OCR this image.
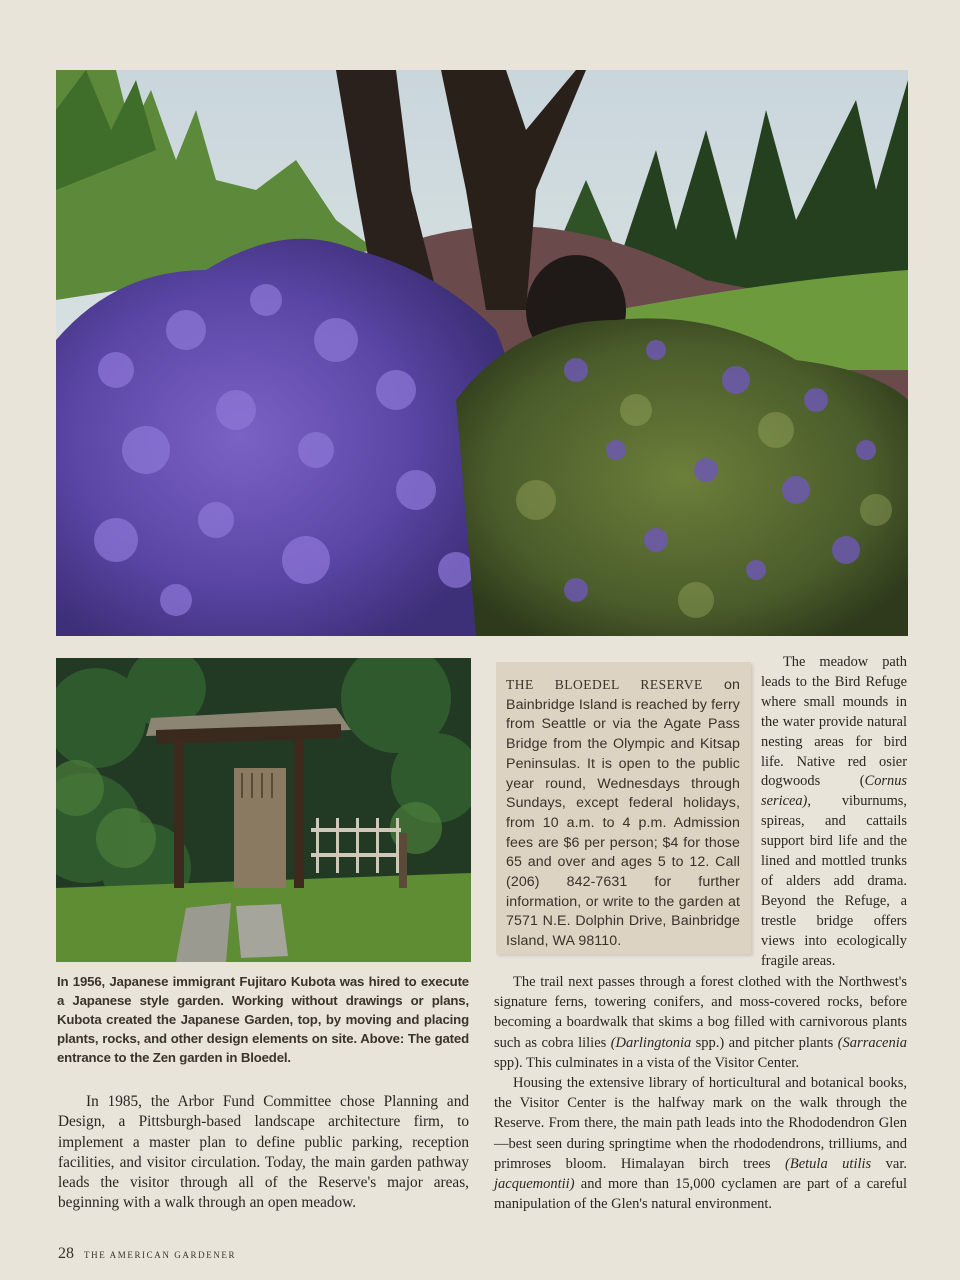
In 1956, Japanese immigrant Fujitaro Kubota was hired to execute a Japanese style garden. Working without drawings or plans, Kubota created the Japanese Garden, top, by moving and placing plants, rocks, and other design elements on site. Above: The gated entrance to the Zen garden in Bloedel.

THE BLOEDEL RESERVE on Bainbridge Island is reached by ferry from Seattle or via the Agate Pass Bridge from the Olympic and Kitsap Peninsulas. It is open to the public year round, Wednesdays through Sundays, except federal holidays, from 10 a.m. to 4 p.m. Admission fees are $6 per person; $4 for those 65 and over and ages 5 to 12. Call (206) 842-7631 for further information, or write to the garden at 7571 N.E. Dolphin Drive, Bainbridge Island, WA 98110.

The meadow path leads to the Bird Refuge where small mounds in the water provide natural nesting areas for bird life. Native red osier dogwoods (Cornus sericea), viburnums, spireas, and cattails support bird life and the lined and mottled trunks of alders add drama. Beyond the Refuge, a trestle bridge offers views into ecologically fragile areas.

The trail next passes through a forest clothed with the Northwest's signature ferns, towering conifers, and moss-covered rocks, before becoming a boardwalk that skims a bog filled with carnivorous plants such as cobra lilies (Darlingtonia spp.) and pitcher plants (Sarracenia spp). This culminates in a vista of the Visitor Center.

Housing the extensive library of horticultural and botanical books, the Visitor Center is the halfway mark on the walk through the Reserve. From there, the main path leads into the Rhododendron Glen—best seen during springtime when the rhododendrons, trilliums, and primroses bloom. Himalayan birch trees (Betula utilis var. jacquemontii) and more than 15,000 cyclamen are part of a careful manipulation of the Glen's natural environment.

In 1985, the Arbor Fund Committee chose Planning and Design, a Pittsburgh-based landscape architecture firm, to implement a master plan to define public parking, reception facilities, and visitor circulation. Today, the main garden pathway leads the visitor through all of the Reserve's major areas, beginning with a walk through an open meadow.

28 THE AMERICAN GARDENER
